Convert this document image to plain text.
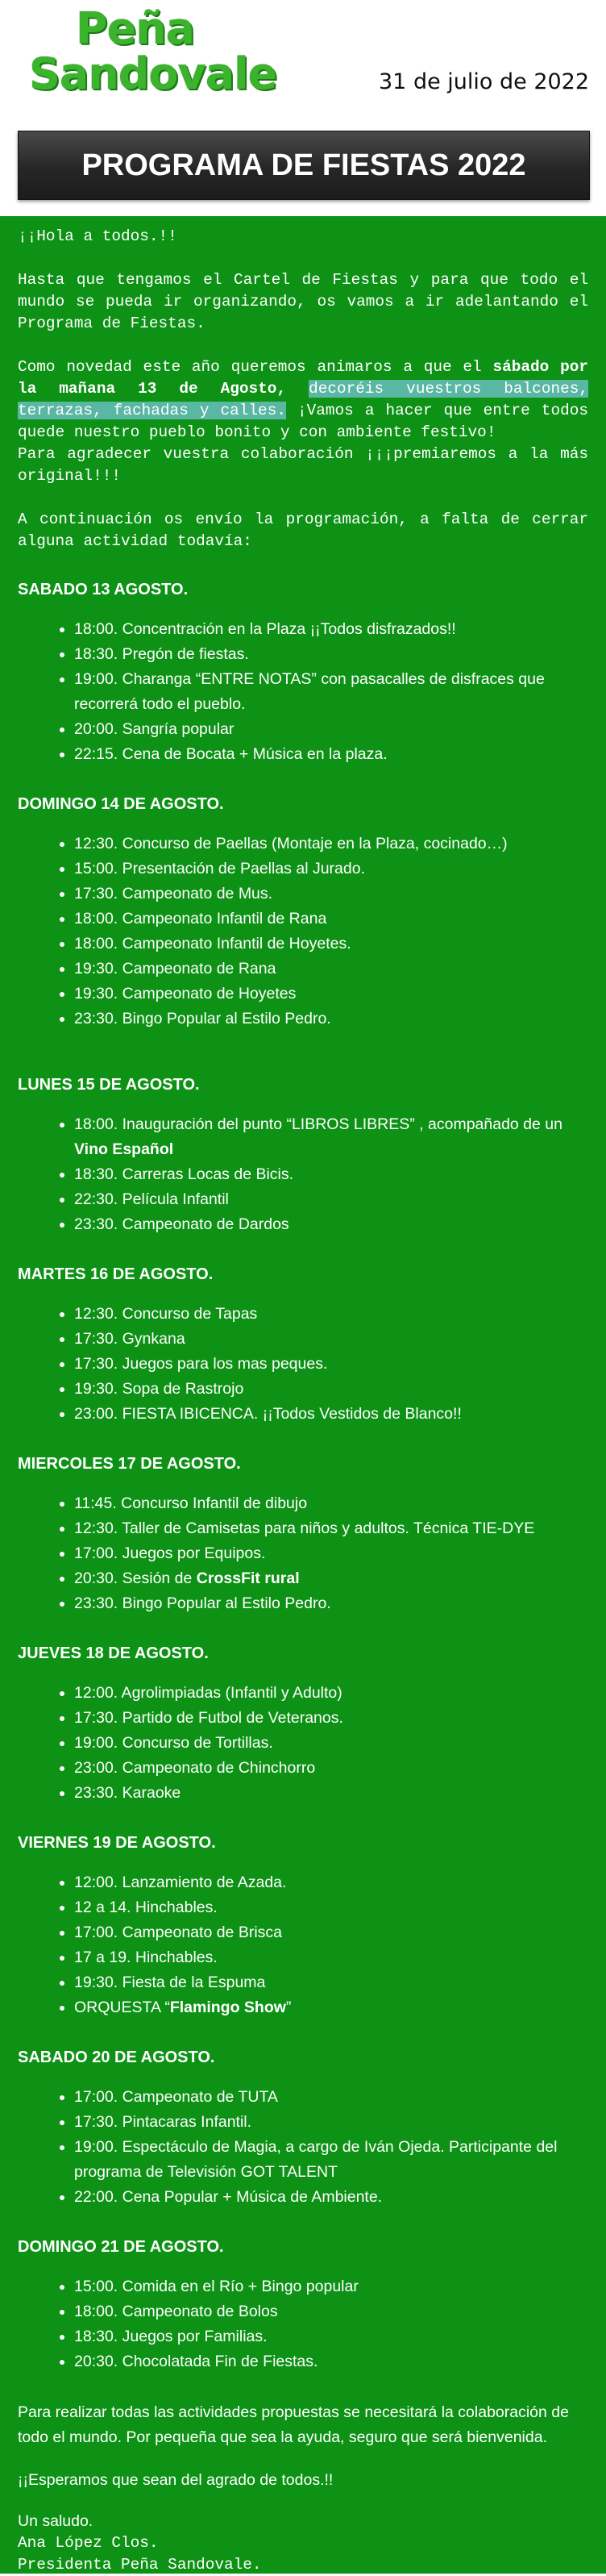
Peña
Sandovale	31 de julio de 2022
PROGRAMA DE FIESTAS 2022

¡¡Hola a todos.!!

Hasta que tengamos el Cartel de Fiestas y para que todo el mundo se pueda ir organizando, os vamos a ir adelantando el Programa de Fiestas.

Como novedad este año queremos animaros a que el sábado por la mañana 13 de Agosto, decoréis vuestros balcones, terrazas, fachadas y calles. ¡Vamos a hacer que entre todos quede nuestro pueblo bonito y con ambiente festivo!

Para agradecer vuestra colaboración ¡¡¡premiaremos a la más original!!!

A continuación os envío la programación, a falta de cerrar alguna actividad todavía:

SABADO 13 AGOSTO.

• 18:00. Concentración en la Plaza ¡¡Todos disfrazados!!
• 18:30. Pregón de fiestas.
• 19:00. Charanga “ENTRE NOTAS” con pasacalles de disfraces que recorrerá todo el pueblo.
• 20:00. Sangría popular
• 22:15. Cena de Bocata + Música en la plaza.

DOMINGO 14 DE AGOSTO.

• 12:30. Concurso de Paellas (Montaje en la Plaza, cocinado…)
• 15:00. Presentación de Paellas al Jurado.
• 17:30. Campeonato de Mus.
• 18:00. Campeonato Infantil de Rana
• 18:00. Campeonato Infantil de Hoyetes.
• 19:30. Campeonato de Rana
• 19:30. Campeonato de Hoyetes
• 23:30. Bingo Popular al Estilo Pedro.

LUNES 15 DE AGOSTO.

• 18:00. Inauguración del punto “LIBROS LIBRES” , acompañado de un Vino Español
• 18:30. Carreras Locas de Bicis.
• 22:30. Película Infantil
• 23:30. Campeonato de Dardos

MARTES 16 DE AGOSTO.

• 12:30. Concurso de Tapas
• 17:30. Gynkana
• 17:30. Juegos para los mas peques.
• 19:30. Sopa de Rastrojo
• 23:00. FIESTA IBICENCA. ¡¡Todos Vestidos de Blanco!!

MIERCOLES 17 DE AGOSTO.

• 11:45. Concurso Infantil de dibujo
• 12:30. Taller de Camisetas para niños y adultos. Técnica TIE-DYE
• 17:00. Juegos por Equipos.
• 20:30. Sesión de CrossFit rural
• 23:30. Bingo Popular al Estilo Pedro.

JUEVES 18 DE AGOSTO.

• 12:00. Agrolimpiadas (Infantil y Adulto)
• 17:30. Partido de Futbol de Veteranos.
• 19:00. Concurso de Tortillas.
• 23:00. Campeonato de Chinchorro
• 23:30. Karaoke

VIERNES 19 DE AGOSTO.

• 12:00. Lanzamiento de Azada.
• 12 a 14. Hinchables.
• 17:00. Campeonato de Brisca
• 17 a 19. Hinchables.
• 19:30. Fiesta de la Espuma
• ORQUESTA “Flamingo Show”

SABADO 20 DE AGOSTO.

• 17:00. Campeonato de TUTA
• 17:30. Pintacaras Infantil.
• 19:00. Espectáculo de Magia, a cargo de Iván Ojeda. Participante del programa de Televisión GOT TALENT
• 22:00. Cena Popular + Música de Ambiente.

DOMINGO 21 DE AGOSTO.

• 15:00. Comida en el Río + Bingo popular
• 18:00. Campeonato de Bolos
• 18:30. Juegos por Familias.
• 20:30. Chocolatada Fin de Fiestas.

Para realizar todas las actividades propuestas se necesitará la colaboración de todo el mundo. Por pequeña que sea la ayuda, seguro que será bienvenida.

¡¡Esperamos que sean del agrado de todos.!!

Un saludo.

Ana López Clos.

Presidenta Peña Sandovale.
